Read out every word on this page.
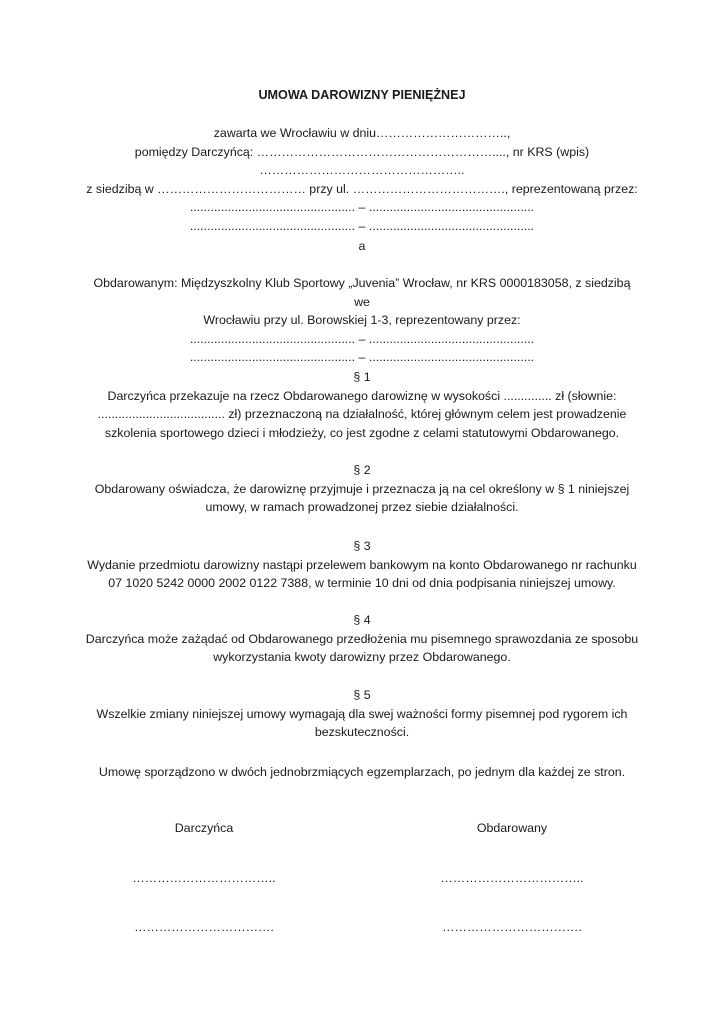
UMOWA DAROWIZNY PIENIĘŻNEJ

zawarta we Wrocławiu w dniu…………………………..,

pomiędzy Darczyńcą: …………………………………………………...., nr KRS (wpis) …………………………………………..

z siedzibą w ……………………………… przy ul. ………………………………., reprezentowaną przez:

................................................ – ................................................

................................................ – ................................................

a

Obdarowanym: Międzyszkolny Klub Sportowy „Juvenia” Wrocław, nr KRS 0000183058, z siedzibą we

Wrocławiu przy ul. Borowskiej 1-3, reprezentowany przez:

................................................ – ................................................

................................................ – ................................................

§ 1

Darczyńca przekazuje na rzecz Obdarowanego darowiznę w wysokości .............. zł (słownie:

..................................... zł) przeznaczoną na działalność, której głównym celem jest prowadzenie

szkolenia sportowego dzieci i młodzieży, co jest zgodne z celami statutowymi Obdarowanego.

§ 2

Obdarowany oświadcza, że darowiznę przyjmuje i przeznacza ją na cel określony w § 1 niniejszej

umowy, w ramach prowadzonej przez siebie działalności.

§ 3

Wydanie przedmiotu darowizny nastąpi przelewem bankowym na konto Obdarowanego nr rachunku

07 1020 5242 0000 2002 0122 7388, w terminie 10 dni od dnia podpisania niniejszej umowy.

§ 4

Darczyńca może zażądać od Obdarowanego przedłożenia mu pisemnego sprawozdania ze sposobu

wykorzystania kwoty darowizny przez Obdarowanego.

§ 5

Wszelkie zmiany niniejszej umowy wymagają dla swej ważności formy pisemnej pod rygorem ich

bezskuteczności.

Umowę sporządzono w dwóch jednobrzmiących egzemplarzach, po jednym dla każdej ze stron.

Darczyńca
……………………………..
…………………………….
Obdarowany
……………………………..
…………………………….
